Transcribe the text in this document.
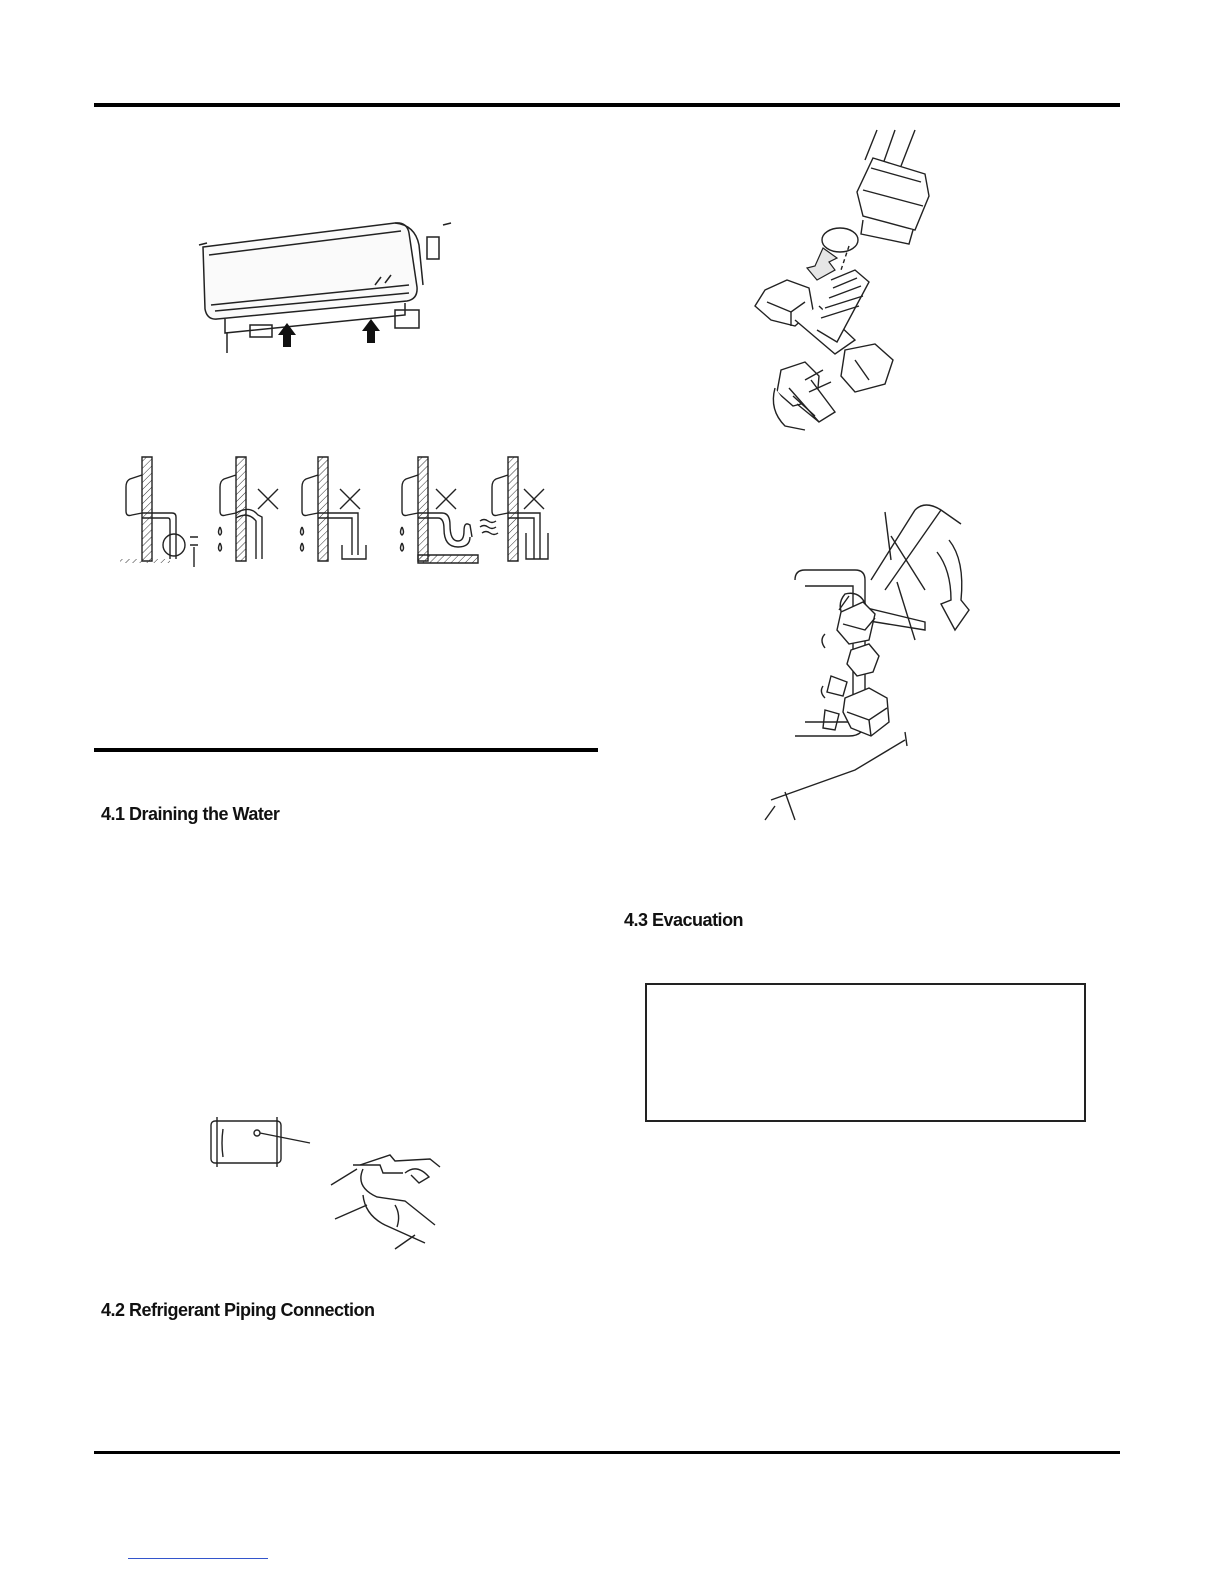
4.1 Draining the Water
4.2 Refrigerant Piping Connection
4.3 Evacuation
